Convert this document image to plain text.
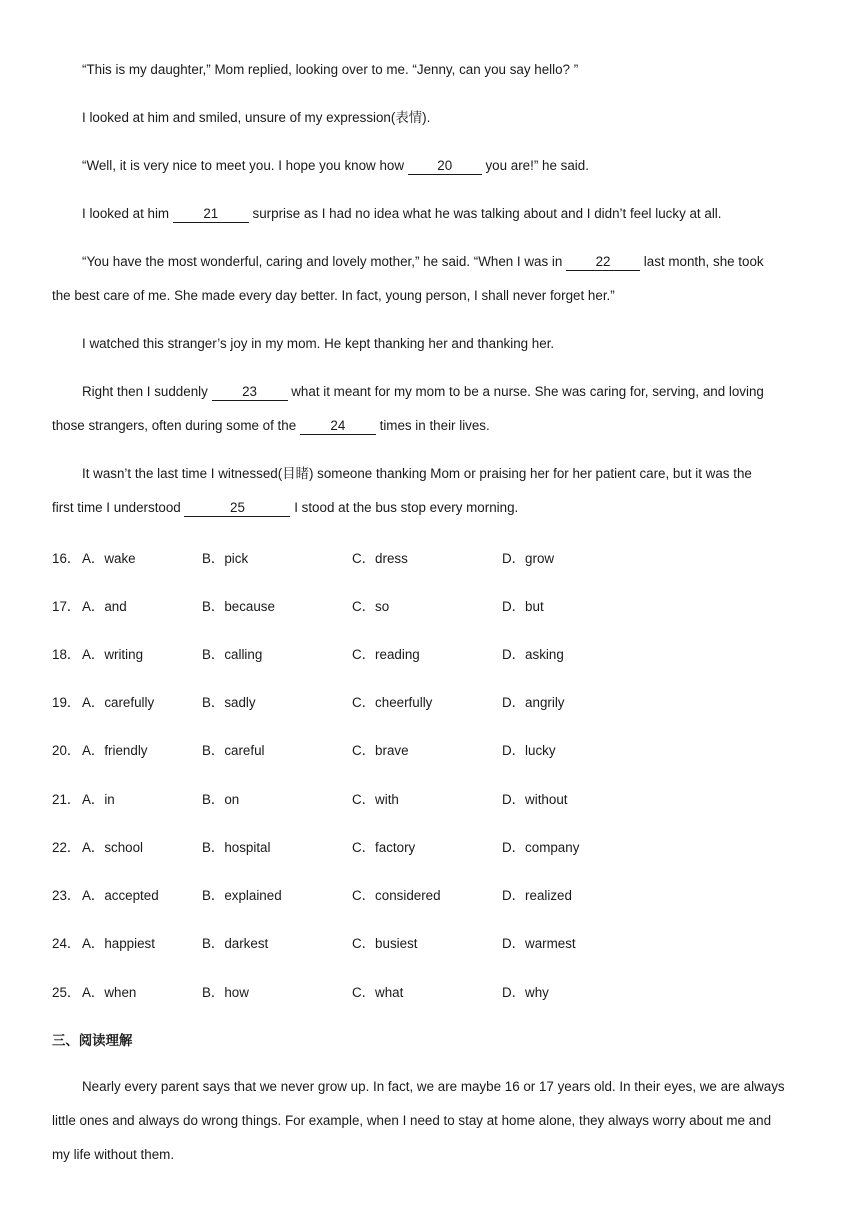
“This is my daughter,” Mom replied, looking over to me. “Jenny, can you say hello? ”
I looked at him and smiled, unsure of my expression(表情).
“Well, it is very nice to meet you. I hope you know how 20 you are!” he said.
I looked at him 21 surprise as I had no idea what he was talking about and I didn’t feel lucky at all.
“You have the most wonderful, caring and lovely mother,” he said. “When I was in 22 last month, she took
the best care of me. She made every day better. In fact, young person, I shall never forget her.”
I watched this stranger’s joy in my mom. He kept thanking her and thanking her.
Right then I suddenly 23 what it meant for my mom to be a nurse. She was caring for, serving, and loving
those strangers, often during some of the 24 times in their lives.
It wasn’t the last time I witnessed(目睹) someone thanking Mom or praising her for her patient care, but it was the
first time I understood	25	I stood at the bus stop every morning.
16． A．wake	B．pick	C．dress	D．grow
17． A．and	B．because	C．so	D．but
18． A．writing	B．calling	C．reading	D．asking
19． A．carefully	B．sadly	C．cheerfully	D．angrily
20． A．friendly	B．careful	C．brave	D．lucky
21． A．in	B．on	C．with	D．without
22． A．school	B．hospital	C．factory	D．company
23． A．accepted	B．explained	C．considered	D．realized
24． A．happiest	B．darkest	C．busiest	D．warmest
25． A．when	B．how	C．what	D．why
三、阅读理解
Nearly every parent says that we never grow up. In fact, we are maybe 16 or 17 years old. In their eyes, we are always
little ones and always do wrong things. For example, when I need to stay at home alone, they always worry about me and
my life without them.
